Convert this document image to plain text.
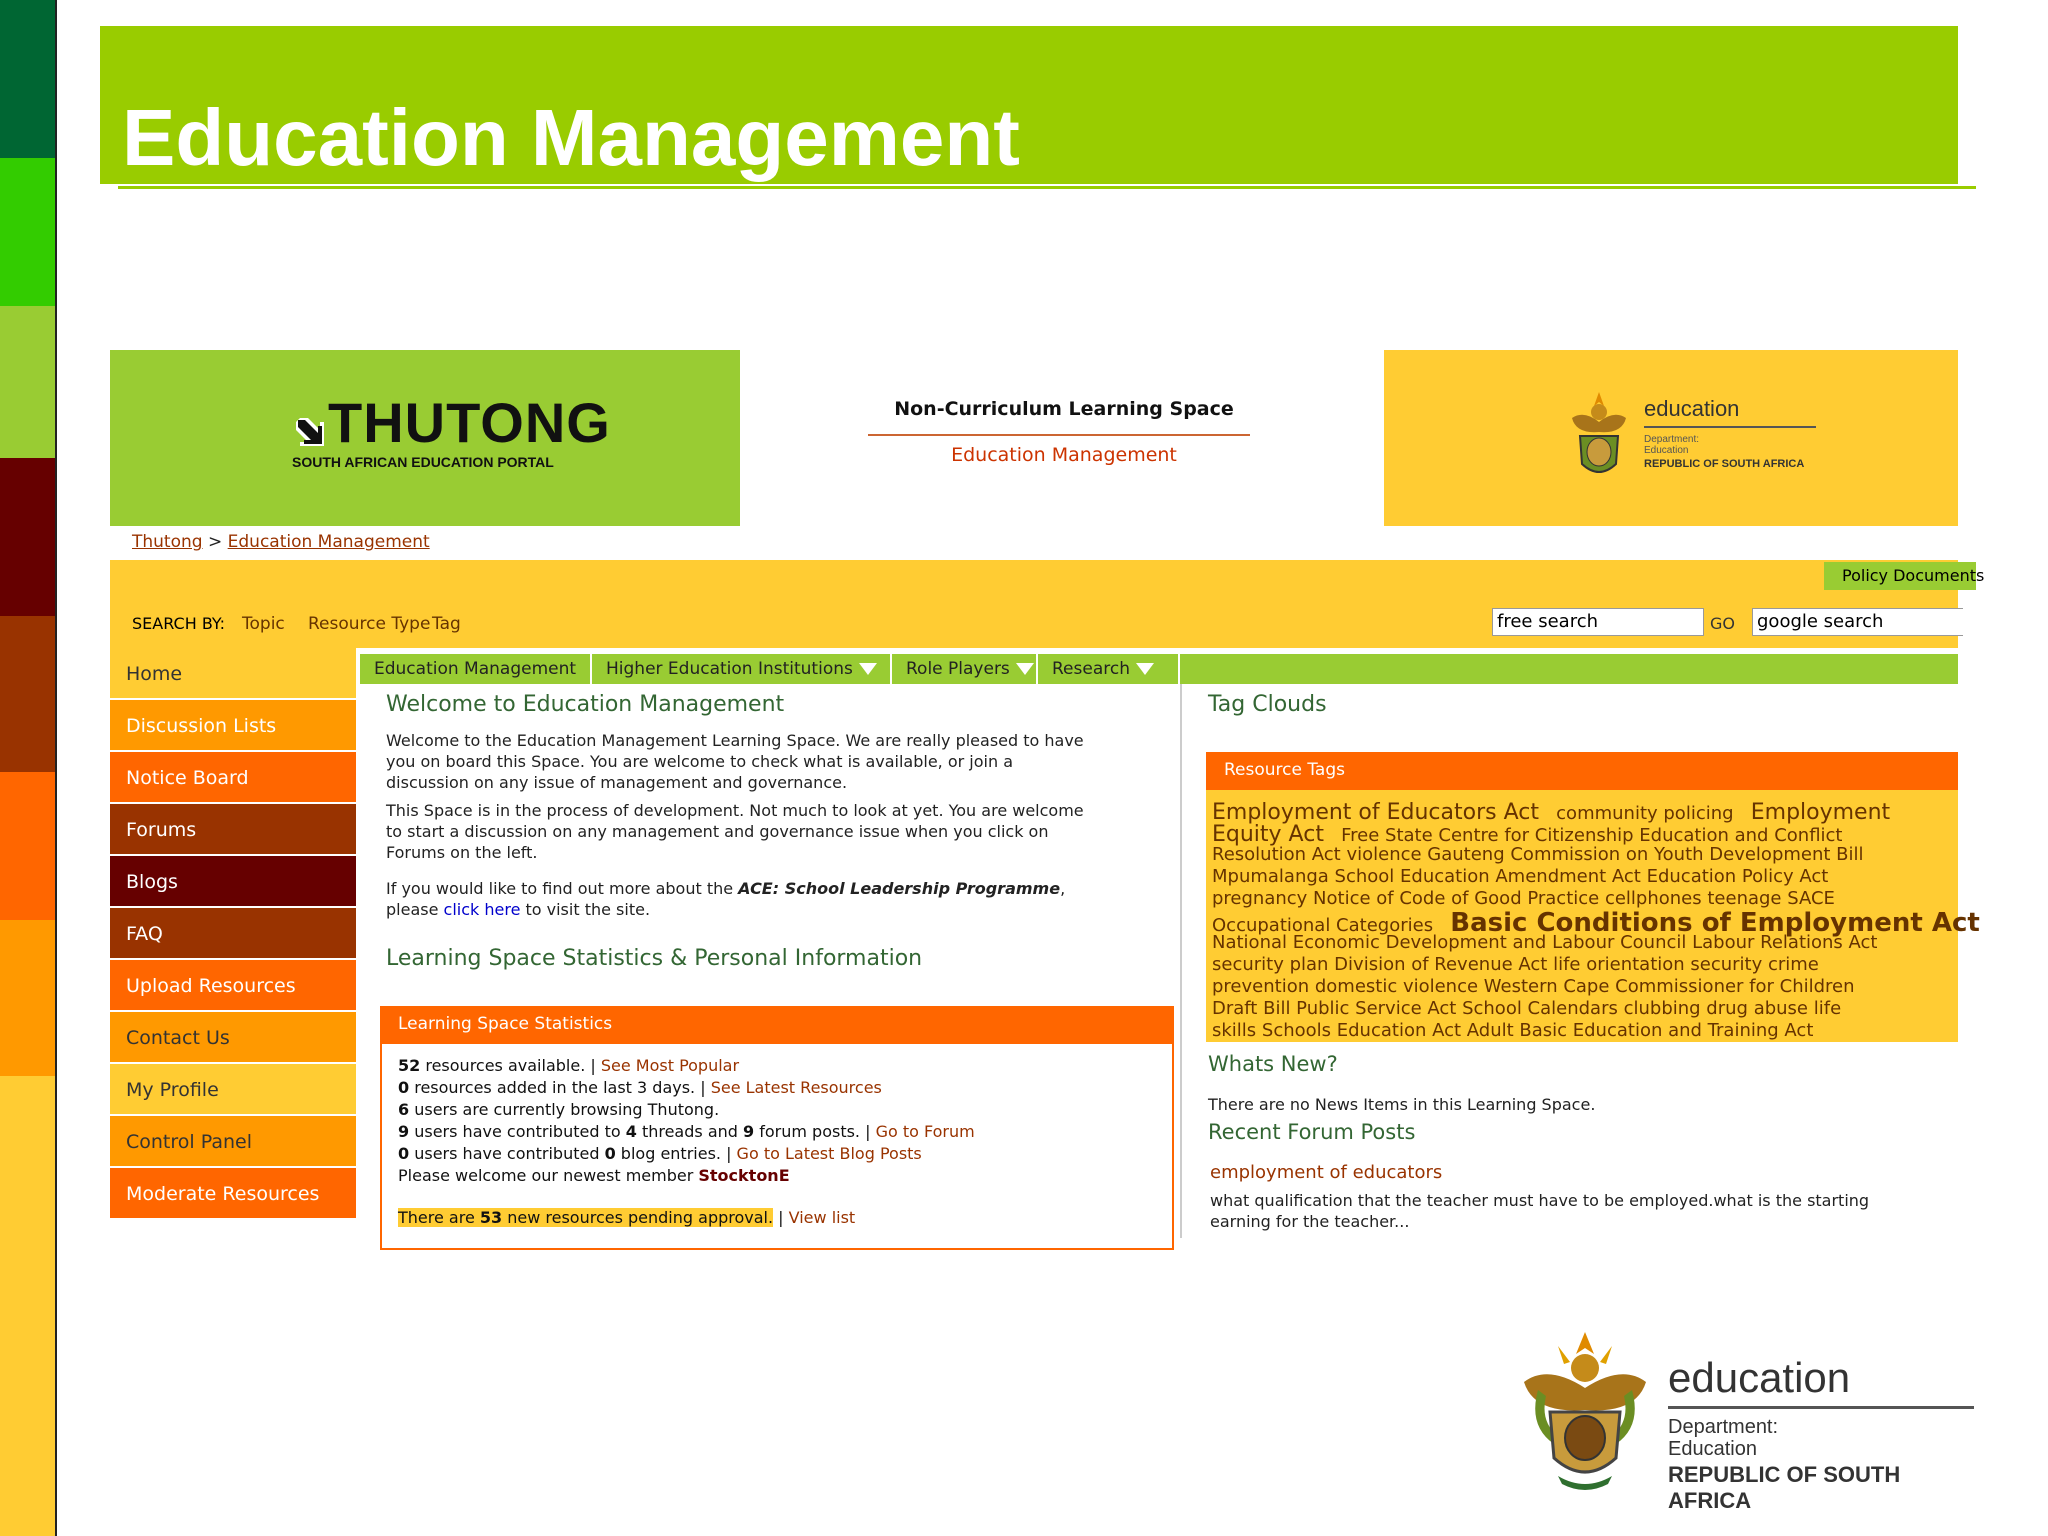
Education Management
THUTONG
SOUTH AFRICAN EDUCATION PORTAL
Non-Curriculum Learning Space
Education Management
education
Department:
Education
REPUBLIC OF SOUTH AFRICA
Thutong > Education Management
Policy Documents
SEARCH BY: Topic Resource Type Tag	free search	GO google search
Home
Discussion Lists
Notice Board
Forums
Blogs
FAQ
Upload Resources
Contact Us
My Profile
Control Panel
Moderate Resources
Education Management	Higher Education Institutions	Role Players	Research
Welcome to Education Management
Welcome to the Education Management Learning Space. We are really pleased to have
you on board this Space. You are welcome to check what is available, or join a
discussion on any issue of management and governance.
This Space is in the process of development. Not much to look at yet. You are welcome
to start a discussion on any management and governance issue when you click on
Forums on the left.
If you would like to find out more about the ACE: School Leadership Programme,
please click here to visit the site.
Learning Space Statistics & Personal Information
Learning Space Statistics
52 resources available. | See Most Popular
0 resources added in the last 3 days. | See Latest Resources
6 users are currently browsing Thutong.
9 users have contributed to 4 threads and 9 forum posts. | Go to Forum
0 users have contributed 0 blog entries. | Go to Latest Blog Posts
Please welcome our newest member StocktonE
There are 53 new resources pending approval. | View list
Tag Clouds
Resource Tags
Employment of Educators Act community policing Employment
Equity Act Free State Centre for Citizenship Education and Conflict
Resolution Act violence Gauteng Commission on Youth Development Bill
Mpumalanga School Education Amendment Act Education Policy Act
pregnancy Notice of Code of Good Practice cellphones teenage SACE
Occupational Categories Basic Conditions of Employment Act
National Economic Development and Labour Council Labour Relations Act
security plan Division of Revenue Act life orientation security crime
prevention domestic violence Western Cape Commissioner for Children
Draft Bill Public Service Act School Calendars clubbing drug abuse life
skills Schools Education Act Adult Basic Education and Training Act
Whats New?
There are no News Items in this Learning Space.
Recent Forum Posts
employment of educators
what qualification that the teacher must have to be employed.what is the starting
earning for the teacher...
education
Department:
Education
REPUBLIC OF SOUTH AFRICA
